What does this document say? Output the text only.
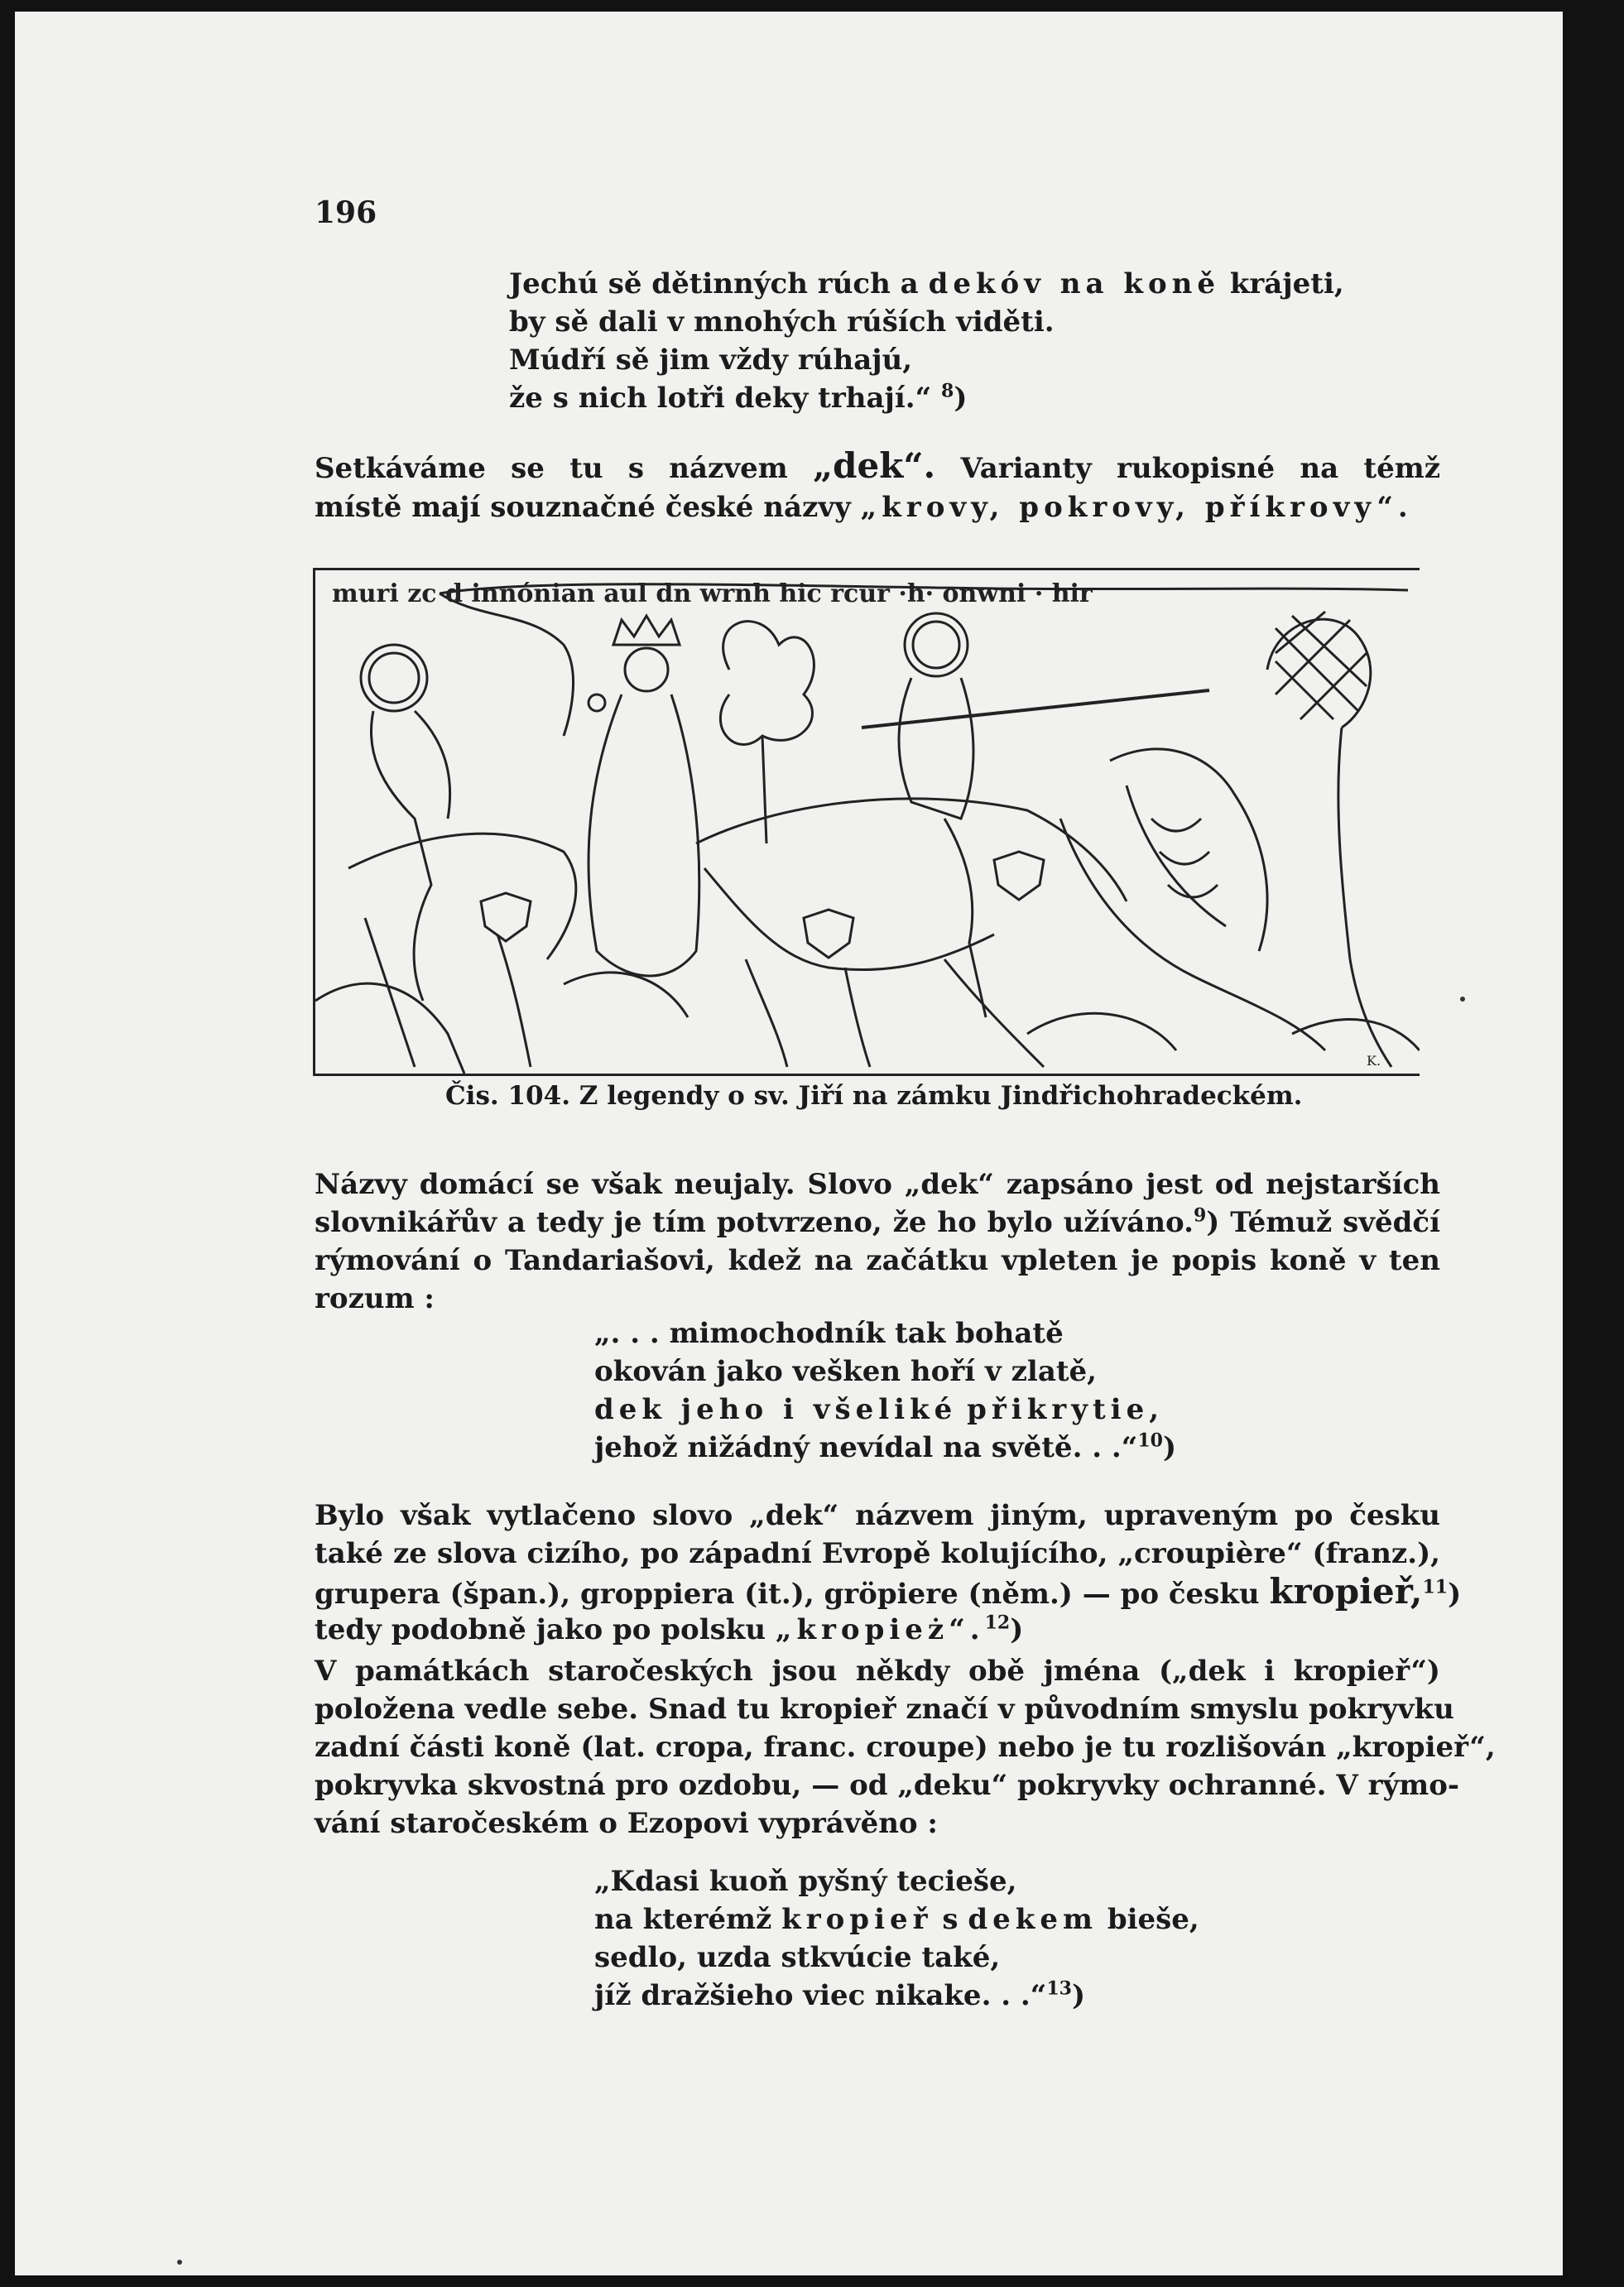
196
Jechú sě dětinných rúch a dekóv na koně krájeti,
by sě dali v mnohých rúších viděti.
Múdří sě jim vždy rúhajú,
že s nich lotři deky trhají.“ $^8$)
Setkáváme se tu s názvem „dek“. Varianty rukopisné na témž
místě mají souznačné české názvy „krovy, pokrovy, příkrovy“.
muri zc d innónian aul dn wrnh hic rcur ·h· onwni · hir
K.
Čis. 104. Z legendy o sv. Jiří na zámku Jindřichohradeckém.
Názvy domácí se však neujaly. Slovo „dek“ zapsáno jest od nejstarších
slovnikářův a tedy je tím potvrzeno, že ho bylo užíváno.$^9$) Témuž svědčí
rýmování o Tandariašovi, kdež na začátku vpleten je popis koně v ten
rozum :
„. . . mimochodník tak bohatě
okován jako vešken hoří v zlatě,
dek jeho i všeliké přikrytie,
jehož nižádný nevídal na světě. . .“$^{10}$)
Bylo však vytlačeno slovo „dek“ názvem jiným, upraveným po česku
také ze slova cizího, po západní Evropě kolujícího, „croupière“ (franz.),
grupera (špan.), groppiera (it.), gröpiere (něm.) — po česku kropieř,$^{11}$)
tedy podobně jako po polsku „kropież“.$^{12}$)
V památkách staročeských jsou někdy obě jména („dek i kropieř“)
položena vedle sebe. Snad tu kropieř značí v původním smyslu pokryvku
zadní části koně (lat. cropa, franc. croupe) nebo je tu rozlišován „kropieř“,
pokryvka skvostná pro ozdobu, — od „deku“ pokryvky ochranné. V rýmo-
vání staročeském o Ezopovi vyprávěno :
„Kdasi kuoň pyšný tecieše,
na kterémž kropieř s dekem bieše,
sedlo, uzda stkvúcie také,
jíž dražšieho viec nikake. . .“$^{13}$)
